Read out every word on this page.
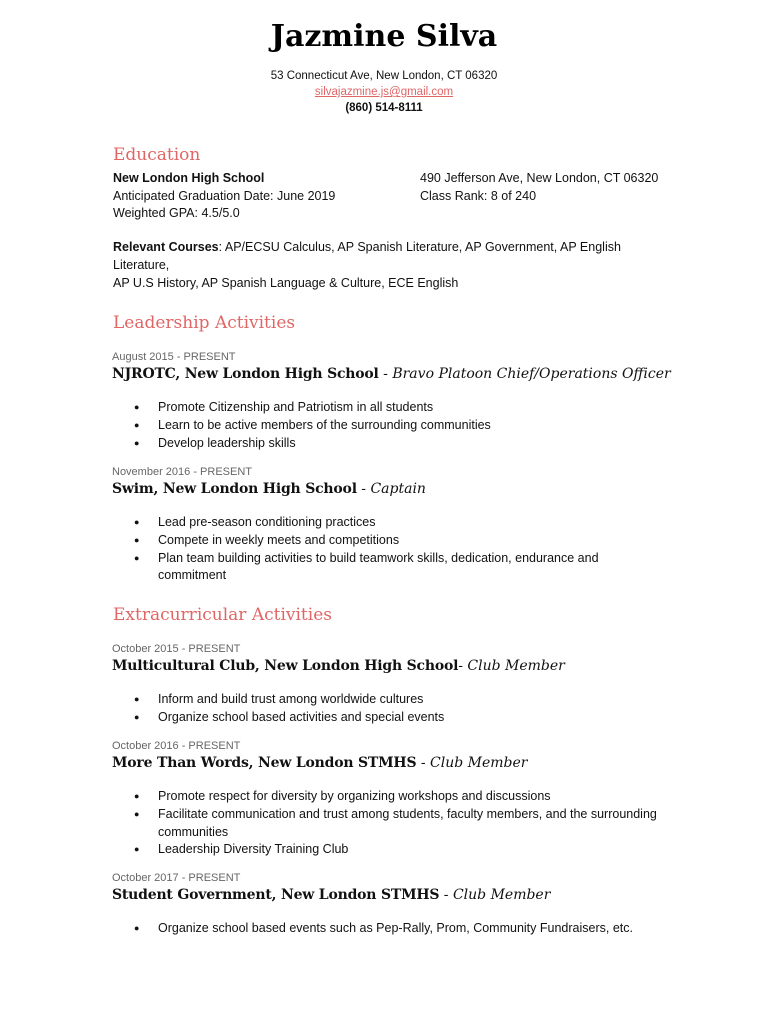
Jazmine Silva
53 Connecticut Ave, New London, CT 06320
silvajazmine.js@gmail.com
(860) 514-8111
Education
New London High School
Anticipated Graduation Date: June 2019
Weighted GPA: 4.5/5.0
490 Jefferson Ave, New London, CT 06320
Class Rank: 8 of 240
Relevant Courses: AP/ECSU Calculus, AP Spanish Literature, AP Government, AP English
Literature,
AP U.S History, AP Spanish Language & Culture, ECE English
Leadership Activities
August 2015 - PRESENT
NJROTC, New London High School - Bravo Platoon Chief/Operations Officer
● Promote Citizenship and Patriotism in all students
● Learn to be active members of the surrounding communities
● Develop leadership skills
November 2016 - PRESENT
Swim, New London High School - Captain
● Lead pre-season conditioning practices
● Compete in weekly meets and competitions
● Plan team building activities to build teamwork skills, dedication, endurance and commitment
Extracurricular Activities
October 2015 - PRESENT
Multicultural Club, New London High School- Club Member
● Inform and build trust among worldwide cultures
● Organize school based activities and special events
October 2016 - PRESENT
More Than Words, New London STMHS - Club Member
● Promote respect for diversity by organizing workshops and discussions
● Facilitate communication and trust among students, faculty members, and the surrounding communities
● Leadership Diversity Training Club
October 2017 - PRESENT
Student Government, New London STMHS - Club Member
● Organize school based events such as Pep-Rally, Prom, Community Fundraisers, etc.
